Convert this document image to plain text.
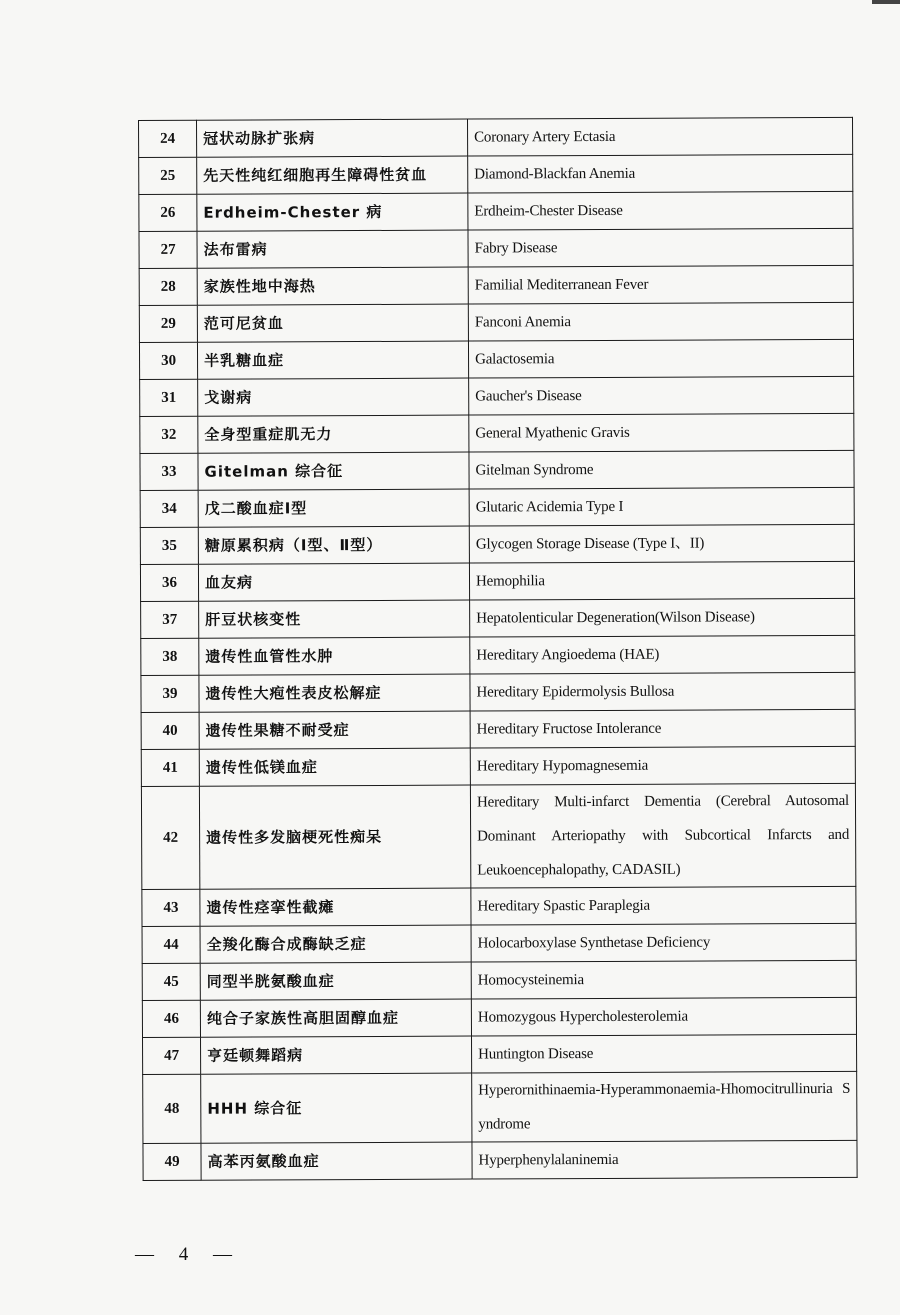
24	冠状动脉扩张病	Coronary Artery Ectasia
25	先天性纯红细胞再生障碍性贫血	Diamond-Blackfan Anemia
26	Erdheim-Chester 病	Erdheim-Chester Disease
27	法布雷病	Fabry Disease
28	家族性地中海热	Familial Mediterranean Fever
29	范可尼贫血	Fanconi Anemia
30	半乳糖血症	Galactosemia
31	戈谢病	Gaucher's Disease
32	全身型重症肌无力	General Myathenic Gravis
33	Gitelman 综合征	Gitelman Syndrome
34	戊二酸血症Ⅰ型	Glutaric Acidemia Type I
35	糖原累积病（Ⅰ型、Ⅱ型）	Glycogen Storage Disease (Type I、II)
36	血友病	Hemophilia
37	肝豆状核变性	Hepatolenticular Degeneration(Wilson Disease)
38	遗传性血管性水肿	Hereditary Angioedema (HAE)
39	遗传性大疱性表皮松解症	Hereditary Epidermolysis Bullosa
40	遗传性果糖不耐受症	Hereditary Fructose Intolerance
41	遗传性低镁血症	Hereditary Hypomagnesemia
42	遗传性多发脑梗死性痴呆	Hereditary Multi-infarct Dementia (Cerebral Autosomal Dominant Arteriopathy with Subcortical Infarcts and Leukoencephalopathy, CADASIL)
43	遗传性痉挛性截瘫	Hereditary Spastic Paraplegia
44	全羧化酶合成酶缺乏症	Holocarboxylase Synthetase Deficiency
45	同型半胱氨酸血症	Homocysteinemia
46	纯合子家族性高胆固醇血症	Homozygous Hypercholesterolemia
47	亨廷顿舞蹈病	Huntington Disease
48	HHH 综合征	Hyperornithinaemia-Hyperammonaemia-Hhomocitrullinuria Syndrome
49	高苯丙氨酸血症	Hyperphenylalaninemia
— 4 —
